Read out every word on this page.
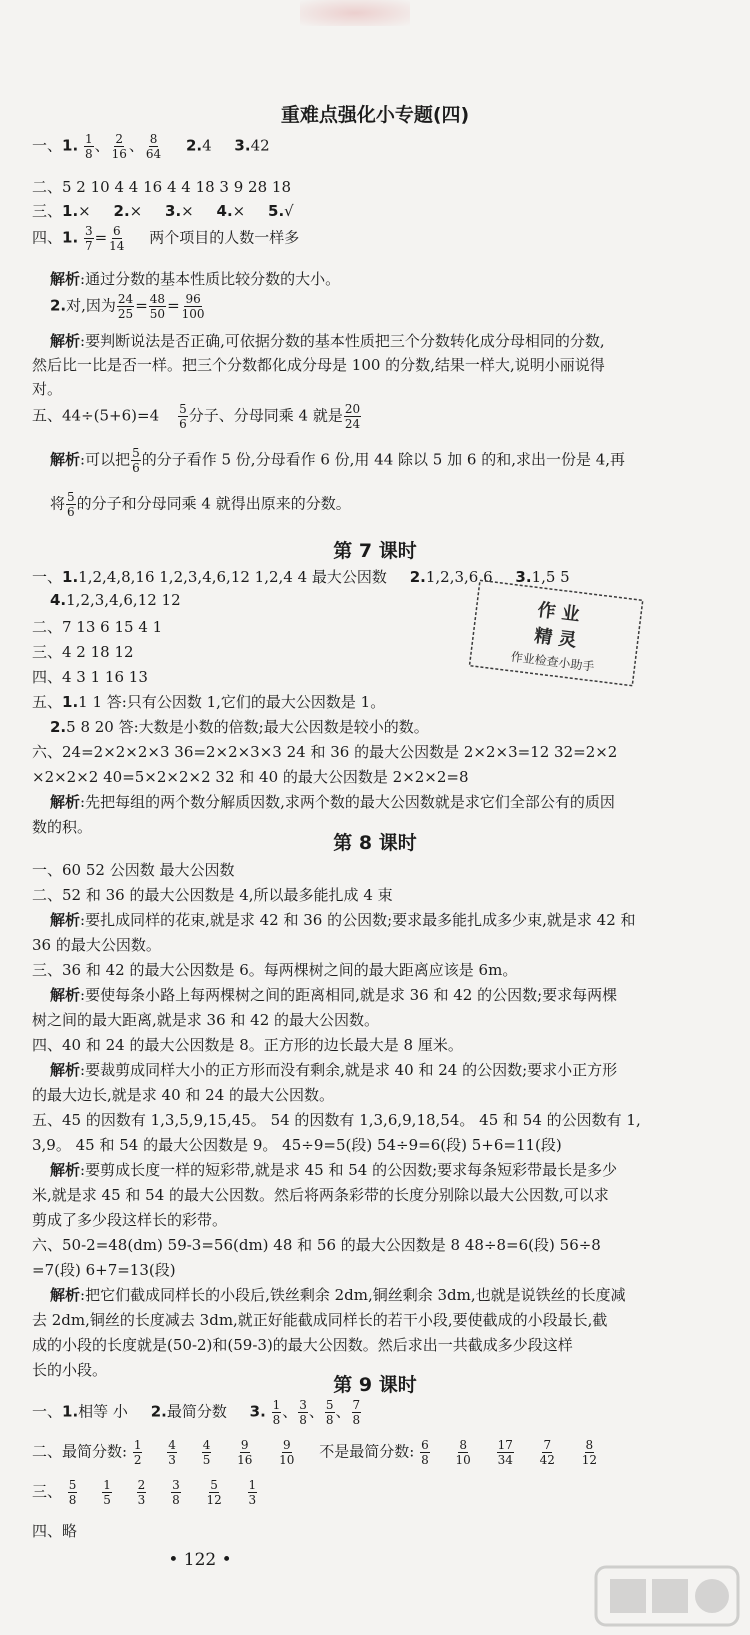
重难点强化小专题(四)
一、1. $\frac{1}{8}$ 、 $\frac{2}{16}$ 、 $\frac{8}{64} 2.4$ 3.42
二、5 2 10 4 4 16 4 4 18 3 9 28 18
三、1.× 2.× 3.× 4.× 5.√
四、1. $\frac{3}{7} = \frac{6}{14}$ 两个项目的人数一样多
解析:通过分数的基本性质比较分数的大小。
2.对,因为 $\frac{24}{25} = \frac{48}{50} = \frac{96}{100}$
解析:要判断说法是否正确,可依据分数的基本性质把三个分数转化成分母相同的分数,
然后比一比是否一样。把三个分数都化成分母是 100 的分数,结果一样大,说明小丽说得
对。
五、$44\div(5+6)=4 \frac{5}{6}$ 分子、分母同乘 4 就是 $\frac{20}{24}$
解析:可以把 $\frac{5}{6}$ 的分子看作 5 份,分母看作 6 份,用 44 除以 5 加 6 的和,求出一份是 4,再
将 $\frac{5}{6}$ 的分子和分母同乘 4 就得出原来的分数。
第 7 课时
一、1.1,2,4,8,16 1,2,3,4,6,12 1,2,4 4 最大公因数 2.1,2,3,6 6 3.1,5 5
4.1,2,3,4,6,12 12
二、7 13 6 15 4 1
三、4 2 18 12
四、4 3 1 16 13
五、1.1 1 答:只有公因数 1,它们的最大公因数是 1。
2.5 8 20 答:大数是小数的倍数;最大公因数是较小的数。
六、24=2×2×2×3 36=2×2×3×3 24 和 36 的最大公因数是 2×2×3=12 32=2×2
×2×2×2 40=5×2×2×2 32 和 40 的最大公因数是 2×2×2=8
解析:先把每组的两个数分解质因数,求两个数的最大公因数就是求它们全部公有的质因
数的积。
作 业
精 灵
作业检查小助手
第 8 课时
一、60 52 公因数 最大公因数
二、52 和 36 的最大公因数是 4,所以最多能扎成 4 束
解析:要扎成同样的花束,就是求 42 和 36 的公因数;要求最多能扎成多少束,就是求 42 和
36 的最大公因数。
三、36 和 42 的最大公因数是 6。每两棵树之间的最大距离应该是 6m。
解析:要使每条小路上每两棵树之间的距离相同,就是求 36 和 42 的公因数;要求每两棵
树之间的最大距离,就是求 36 和 42 的最大公因数。
四、40 和 24 的最大公因数是 8。正方形的边长最大是 8 厘米。
解析:要裁剪成同样大小的正方形而没有剩余,就是求 40 和 24 的公因数;要求小正方形
的最大边长,就是求 40 和 24 的最大公因数。
五、45 的因数有 1,3,5,9,15,45。 54 的因数有 1,3,6,9,18,54。 45 和 54 的公因数有 1,
3,9。 45 和 54 的最大公因数是 9。 45÷9=5(段) 54÷9=6(段) 5+6=11(段)
解析:要剪成长度一样的短彩带,就是求 45 和 54 的公因数;要求每条短彩带最长是多少
米,就是求 45 和 54 的最大公因数。然后将两条彩带的长度分别除以最大公因数,可以求
剪成了多少段这样长的彩带。
六、50-2=48(dm) 59-3=56(dm) 48 和 56 的最大公因数是 8 48÷8=6(段) 56÷8
=7(段) 6+7=13(段)
解析:把它们截成同样长的小段后,铁丝剩余 2dm,铜丝剩余 3dm,也就是说铁丝的长度减
去 2dm,铜丝的长度减去 3dm,就正好能截成同样长的若干小段,要使截成的小段最长,截
成的小段的长度就是(50-2)和(59-3)的最大公因数。然后求出一共截成多少段这样
长的小段。
第 9 课时
一、1.相等 小 2.最简分数 3. $\frac{1}{8}$ 、 $\frac{3}{8}$ 、 $\frac{5}{8}$ 、 $\frac{7}{8}$
二、最简分数: $\frac{1}{2}$
$\frac{4}{3}$
$\frac{4}{5}$
$\frac{9}{16}$
$\frac{9}{10}$ 不是最简分数: $\frac{6}{8}$
$\frac{8}{10}$
$\frac{17}{34}$
$\frac{7}{42}$
$\frac{8}{12}$
三、 $\frac{5}{8}$
$\frac{1}{5}$
$\frac{2}{3}$
$\frac{3}{8}$
$\frac{5}{12}$
$\frac{1}{3}$
四、略
• 122 •
